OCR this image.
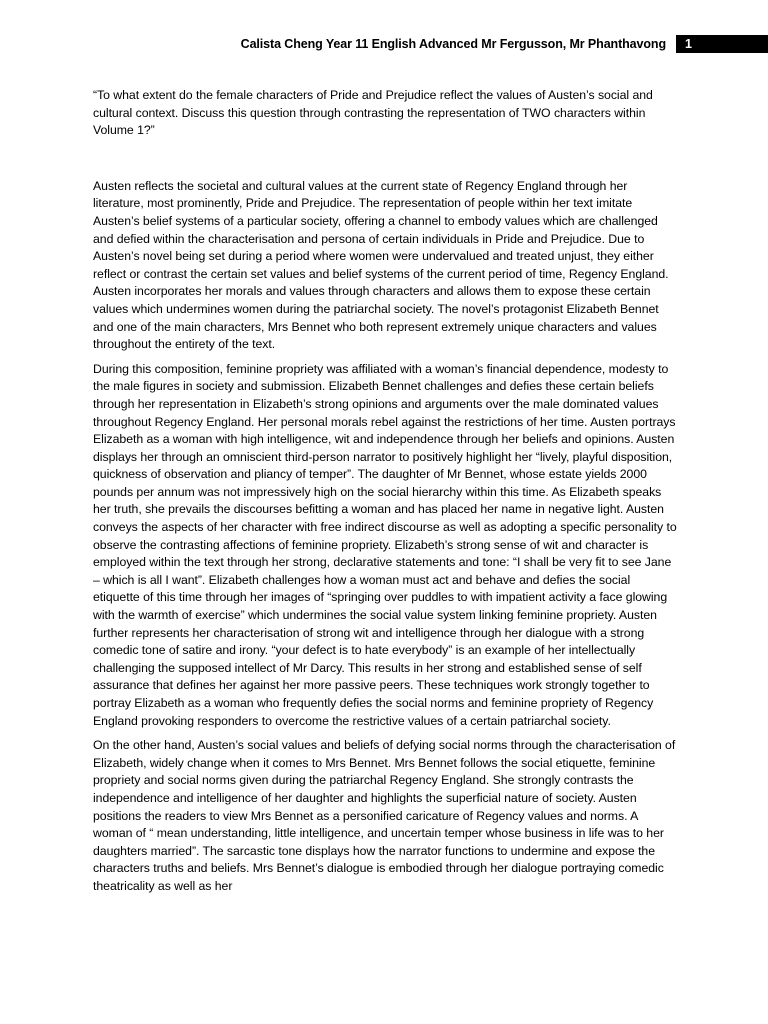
Calista Cheng Year 11 English Advanced Mr Fergusson, Mr Phanthavong	1

“To what extent do the female characters of Pride and Prejudice reflect the values of Austen’s social and cultural context. Discuss this question through contrasting the representation of TWO characters within Volume 1?”

Austen reflects the societal and cultural values at the current state of Regency England through her literature, most prominently, Pride and Prejudice. The representation of people within her text imitate Austen’s belief systems of a particular society, offering a channel to embody values which are challenged and defied within the characterisation and persona of certain individuals in Pride and Prejudice. Due to Austen’s novel being set during a period where women were undervalued and treated unjust, they either reflect or contrast the certain set values and belief systems of the current period of time, Regency England. Austen incorporates her morals and values through characters and allows them to expose these certain values which undermines women during the patriarchal society. The novel’s protagonist Elizabeth Bennet and one of the main characters, Mrs Bennet who both represent extremely unique characters and values throughout the entirety of the text.

During this composition, feminine propriety was affiliated with a woman’s financial dependence, modesty to the male figures in society and submission. Elizabeth Bennet challenges and defies these certain beliefs through her representation in Elizabeth’s strong opinions and arguments over the male dominated values throughout Regency England. Her personal morals rebel against the restrictions of her time. Austen portrays Elizabeth as a woman with high intelligence, wit and independence through her beliefs and opinions. Austen displays her through an omniscient third-person narrator to positively highlight her “lively, playful disposition, quickness of observation and pliancy of temper”. The daughter of Mr Bennet, whose estate yields 2000 pounds per annum was not impressively high on the social hierarchy within this time. As Elizabeth speaks her truth, she prevails the discourses befitting a woman and has placed her name in negative light. Austen conveys the aspects of her character with free indirect discourse as well as adopting a specific personality to observe the contrasting affections of feminine propriety. Elizabeth’s strong sense of wit and character is employed within the text through her strong, declarative statements and tone: “I shall be very fit to see Jane – which is all I want”. Elizabeth challenges how a woman must act and behave and defies the social etiquette of this time through her images of “springing over puddles to with impatient activity a face glowing with the warmth of exercise” which undermines the social value system linking feminine propriety. Austen further represents her characterisation of strong wit and intelligence through her dialogue with a strong comedic tone of satire and irony. “your defect is to hate everybody” is an example of her intellectually challenging the supposed intellect of Mr Darcy. This results in her strong and established sense of self assurance that defines her against her more passive peers. These techniques work strongly together to portray Elizabeth as a woman who frequently defies the social norms and feminine propriety of Regency England provoking responders to overcome the restrictive values of a certain patriarchal society.

On the other hand, Austen’s social values and beliefs of defying social norms through the characterisation of Elizabeth, widely change when it comes to Mrs Bennet. Mrs Bennet follows the social etiquette, feminine propriety and social norms given during the patriarchal Regency England. She strongly contrasts the independence and intelligence of her daughter and highlights the superficial nature of society. Austen positions the readers to view Mrs Bennet as a personified caricature of Regency values and norms. A woman of “ mean understanding, little intelligence, and uncertain temper whose business in life was to her daughters married”. The sarcastic tone displays how the narrator functions to undermine and expose the characters truths and beliefs. Mrs Bennet’s dialogue is embodied through her dialogue portraying comedic theatricality as well as her
